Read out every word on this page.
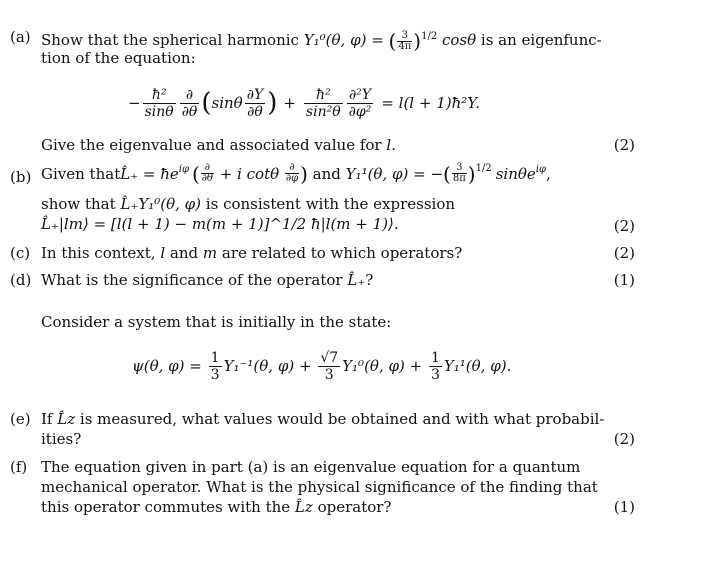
(a) Show that the spherical harmonic Y₁⁰(θ, φ) = ( $\frac{3}{4\pi} )^{1/2}$ cosθ is an eigenfunc-
tion of the equation:
− $\frac{\text{ħ²}}{\sin\theta} \frac{\partial}{\partial\theta}$ ( sinθ $\frac{\partial Y}{\partial\theta}$ ) + $\frac{\text{ħ²}}{\text{sin²θ}} \frac{\text{∂²Y}}{\text{∂φ²}} = l(l$ + 1)ħ²Y.
Give the eigenvalue and associated value for l.	(2)
(b) Given that L̂₊ = $ħe^{i\varphi}$ ( ∂
∂θ + i cotθ ∂
∂φ ) and Y₁¹(θ, φ) = − ( 3
8π )$^{1/2}$ sinθe$^{i\varphi}$ ,
show that L̂₊Y₁⁰(θ, φ) is consistent with the expression
L̂₊|lm⟩ = [l(l + 1) − m(m + 1)]^1/2 ħ|l(m + 1)⟩.	(2)
(c) In this context, l and m are related to which operators?	(2)
(d) What is the significance of the operator L̂₊?	(1)
Consider a system that is initially in the state:
ψ(θ, $\varphi) = \frac{1}{3} Y_1^{-1}(\theta$, $\varphi) + \frac{√7}{3} Y_1^0(\theta$, $\varphi) + \frac{1}{3} Y_1^1(\theta$, φ).
(e) If L̂z is measured, what values would be obtained and with what probabil-
ities?	(2)
(f) The equation given in part (a) is an eigenvalue equation for a quantum
mechanical operator. What is the physical significance of the finding that
this operator commutes with the L̂z operator?	(1)
